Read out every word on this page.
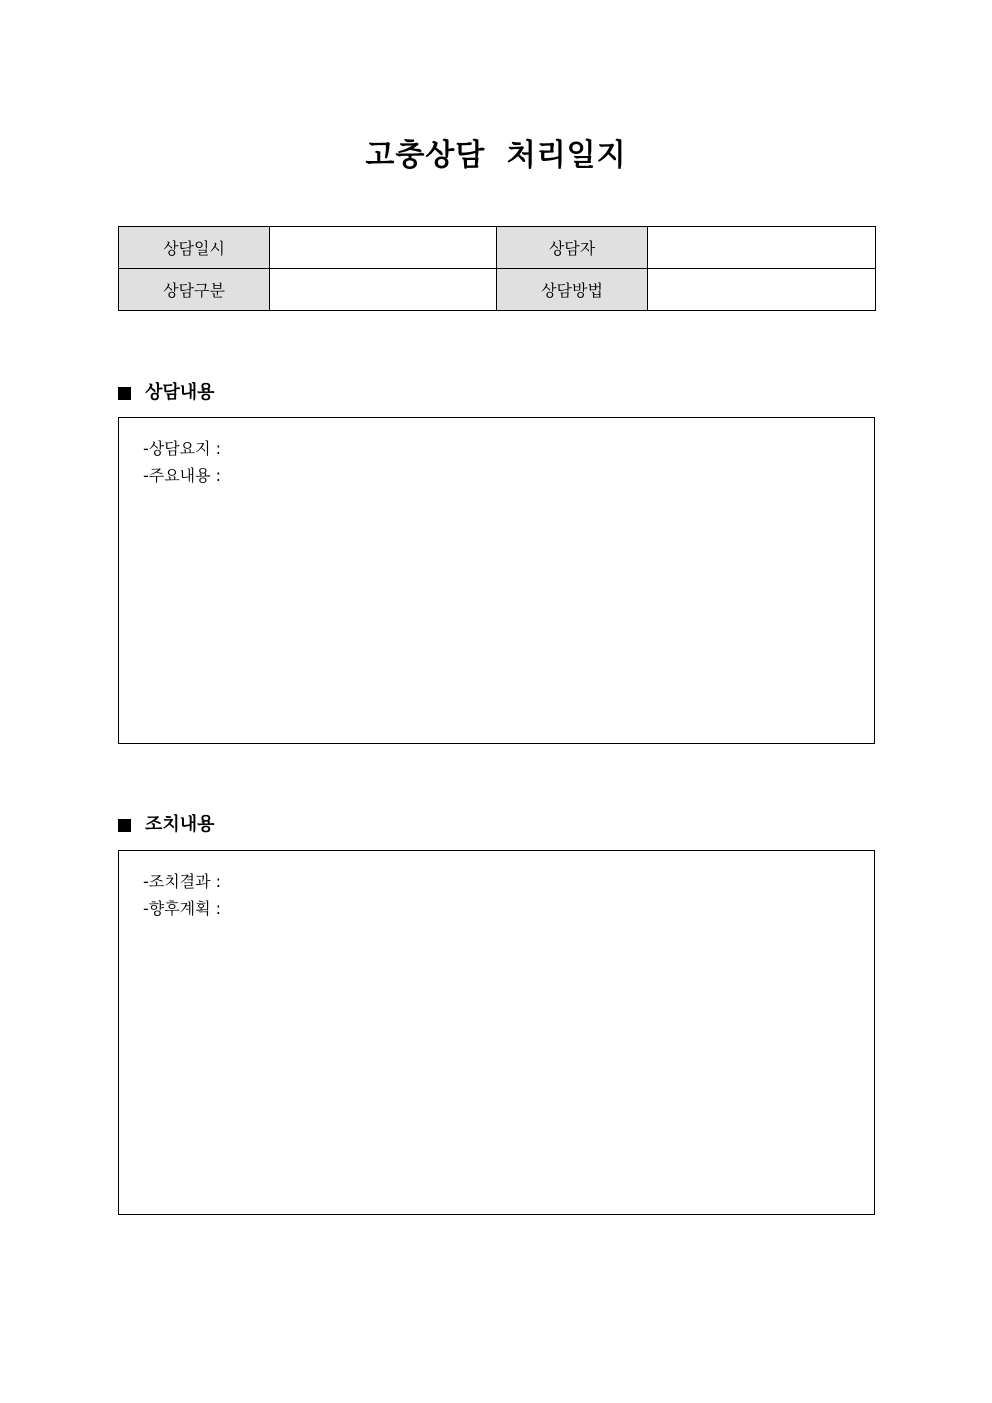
고충상담 처리일지
상담일시		상담자	
상담구분		상담방법	
상담내용
-상담요지 :
-주요내용 :
조치내용
-조치결과 :
-향후계획 :
